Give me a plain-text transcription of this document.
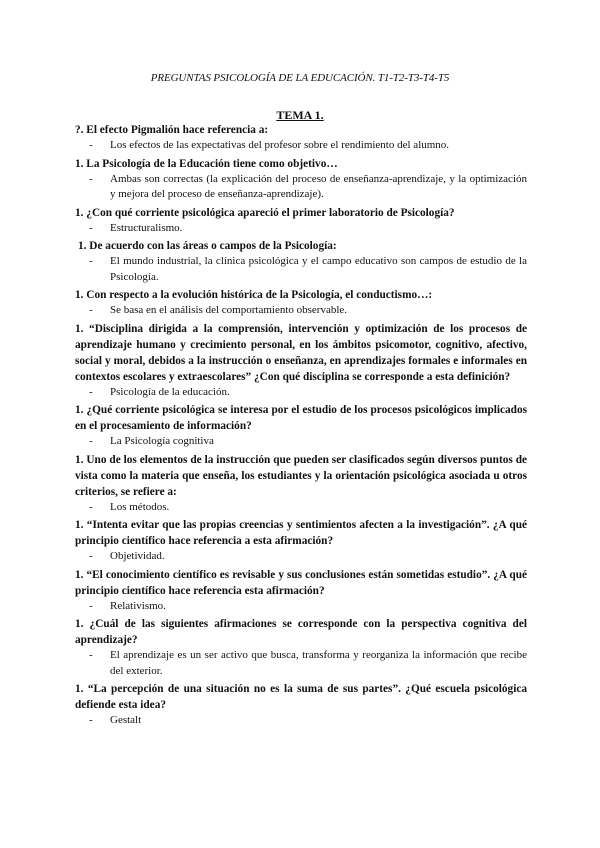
PREGUNTAS PSICOLOGÍA DE LA EDUCACIÓN. T1-T2-T3-T4-T5
TEMA 1.

?. El efecto Pigmalión hace referencia a:

- Los efectos de las expectativas del profesor sobre el rendimiento del alumno.

1. La Psicología de la Educación tiene como objetivo…

- Ambas son correctas (la explicación del proceso de enseñanza-aprendizaje, y la optimización y mejora del proceso de enseñanza-aprendizaje).

1. ¿Con qué corriente psicológica apareció el primer laboratorio de Psicología?

- Estructuralismo.

1. De acuerdo con las áreas o campos de la Psicología:

- El mundo industrial, la clínica psicológica y el campo educativo son campos de estudio de la Psicología.

1. Con respecto a la evolución histórica de la Psicología, el conductismo…:

- Se basa en el análisis del comportamiento observable.

1. “Disciplina dirigida a la comprensión, intervención y optimización de los procesos de aprendizaje humano y crecimiento personal, en los ámbitos psicomotor, cognitivo, afectivo, social y moral, debidos a la instrucción o enseñanza, en aprendizajes formales e informales en contextos escolares y extraescolares” ¿Con qué disciplina se corresponde a esta definición?

- Psicología de la educación.

1. ¿Qué corriente psicológica se interesa por el estudio de los procesos psicológicos implicados en el procesamiento de información?

- La Psicología cognitiva

1. Uno de los elementos de la instrucción que pueden ser clasificados según diversos puntos de vista como la materia que enseña, los estudiantes y la orientación psicológica asociada u otros criterios, se refiere a:

- Los métodos.

1. “Intenta evitar que las propias creencias y sentimientos afecten a la investigación”. ¿A qué principio científico hace referencia a esta afirmación?

- Objetividad.

1. “El conocimiento científico es revisable y sus conclusiones están sometidas estudio”. ¿A qué principio científico hace referencia esta afirmación?

- Relativismo.

1. ¿Cuál de las siguientes afirmaciones se corresponde con la perspectiva cognitiva del aprendizaje?

- El aprendizaje es un ser activo que busca, transforma y reorganiza la información que recibe del exterior.

1. “La percepción de una situación no es la suma de sus partes”. ¿Qué escuela psicológica defiende esta idea?

- Gestalt
